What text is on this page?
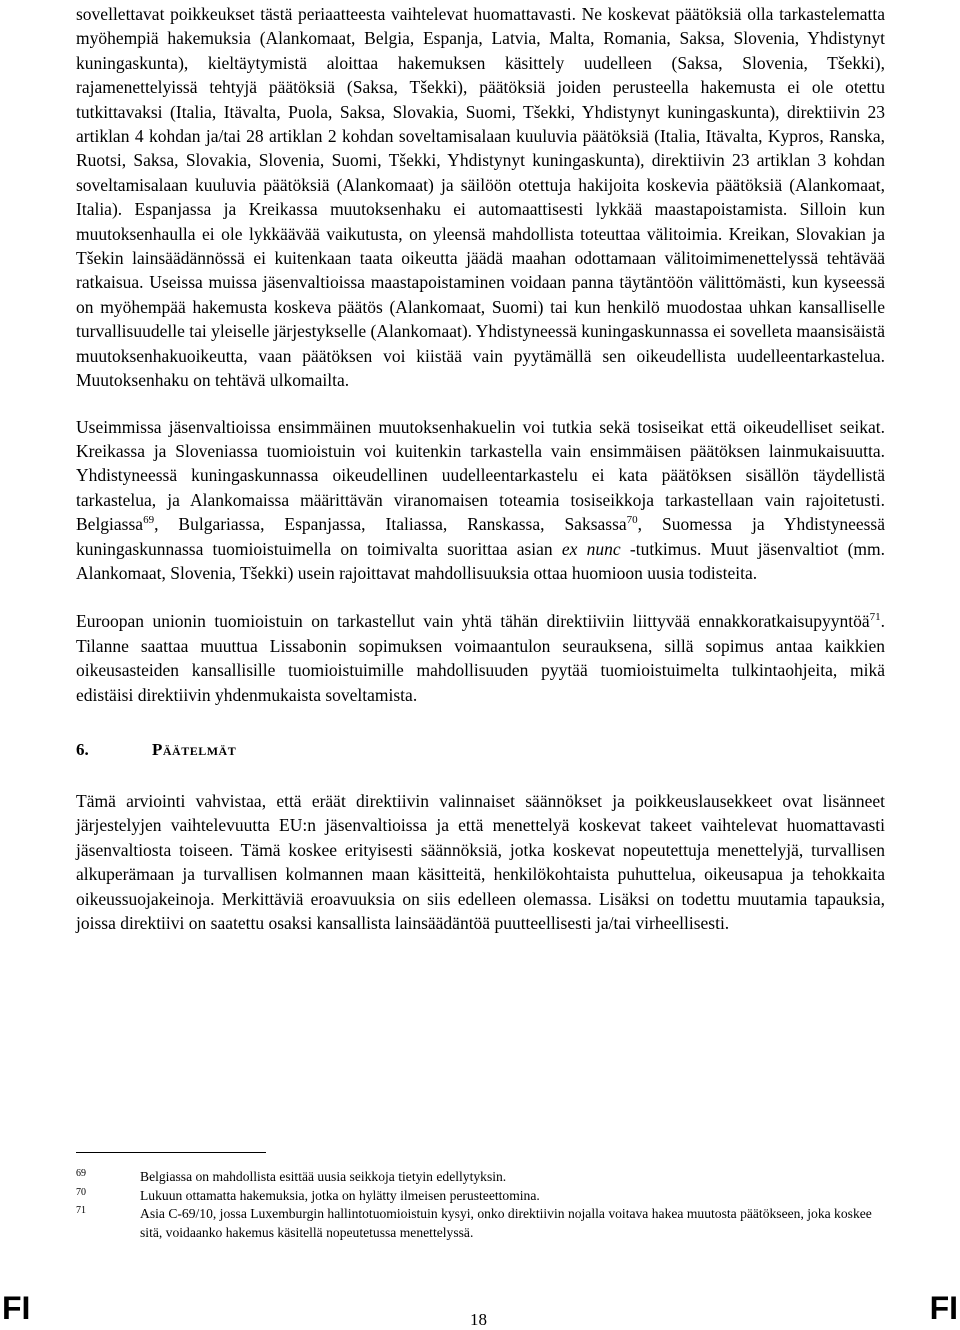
sovellettavat poikkeukset tästä periaatteesta vaihtelevat huomattavasti. Ne koskevat päätöksiä olla tarkastelematta myöhempiä hakemuksia (Alankomaat, Belgia, Espanja, Latvia, Malta, Romania, Saksa, Slovenia, Yhdistynyt kuningaskunta), kieltäytymistä aloittaa hakemuksen käsittely uudelleen (Saksa, Slovenia, Tšekki), rajamenettelyissä tehtyjä päätöksiä (Saksa, Tšekki), päätöksiä joiden perusteella hakemusta ei ole otettu tutkittavaksi (Italia, Itävalta, Puola, Saksa, Slovakia, Suomi, Tšekki, Yhdistynyt kuningaskunta), direktiivin 23 artiklan 4 kohdan ja/tai 28 artiklan 2 kohdan soveltamisalaan kuuluvia päätöksiä (Italia, Itävalta, Kypros, Ranska, Ruotsi, Saksa, Slovakia, Slovenia, Suomi, Tšekki, Yhdistynyt kuningaskunta), direktiivin 23 artiklan 3 kohdan soveltamisalaan kuuluvia päätöksiä (Alankomaat) ja säilöön otettuja hakijoita koskevia päätöksiä (Alankomaat, Italia). Espanjassa ja Kreikassa muutoksenhaku ei automaattisesti lykkää maastapoistamista. Silloin kun muutoksenhaulla ei ole lykkäävää vaikutusta, on yleensä mahdollista toteuttaa välitoimia. Kreikan, Slovakian ja Tšekin lainsäädännössä ei kuitenkaan taata oikeutta jäädä maahan odottamaan välitoimimenettelyssä tehtävää ratkaisua. Useissa muissa jäsenvaltioissa maastapoistaminen voidaan panna täytäntöön välittömästi, kun kyseessä on myöhempää hakemusta koskeva päätös (Alankomaat, Suomi) tai kun henkilö muodostaa uhkan kansalliselle turvallisuudelle tai yleiselle järjestykselle (Alankomaat). Yhdistyneessä kuningaskunnassa ei sovelleta maansisäistä muutoksenhakuoikeutta, vaan päätöksen voi kiistää vain pyytämällä sen oikeudellista uudelleentarkastelua. Muutoksenhaku on tehtävä ulkomailta.

Useimmissa jäsenvaltioissa ensimmäinen muutoksenhakuelin voi tutkia sekä tosiseikat että oikeudelliset seikat. Kreikassa ja Sloveniassa tuomioistuin voi kuitenkin tarkastella vain ensimmäisen päätöksen lainmukaisuutta. Yhdistyneessä kuningaskunnassa oikeudellinen uudelleentarkastelu ei kata päätöksen sisällön täydellistä tarkastelua, ja Alankomaissa määrittävän viranomaisen toteamia tosiseikkoja tarkastellaan vain rajoitetusti. Belgiassa$^{69}$, Bulgariassa, Espanjassa, Italiassa, Ranskassa, Saksassa$^{70}$, Suomessa ja Yhdistyneessä kuningaskunnassa tuomioistuimella on toimivalta suorittaa asian ex nunc -tutkimus. Muut jäsenvaltiot (mm. Alankomaat, Slovenia, Tšekki) usein rajoittavat mahdollisuuksia ottaa huomioon uusia todisteita.

Euroopan unionin tuomioistuin on tarkastellut vain yhtä tähän direktiiviin liittyvää ennakkoratkaisupyyntöä$^{71}$. Tilanne saattaa muuttua Lissabonin sopimuksen voimaantulon seurauksena, sillä sopimus antaa kaikkien oikeusasteiden kansallisille tuomioistuimille mahdollisuuden pyytää tuomioistuimelta tulkintaohjeita, mikä edistäisi direktiivin yhdenmukaista soveltamista.

6.	Päätelmät

Tämä arviointi vahvistaa, että eräät direktiivin valinnaiset säännökset ja poikkeuslausekkeet ovat lisänneet järjestelyjen vaihtelevuutta EU:n jäsenvaltioissa ja että menettelyä koskevat takeet vaihtelevat huomattavasti jäsenvaltiosta toiseen. Tämä koskee erityisesti säännöksiä, jotka koskevat nopeutettuja menettelyjä, turvallisen alkuperämaan ja turvallisen kolmannen maan käsitteitä, henkilökohtaista puhuttelua, oikeusapua ja tehokkaita oikeussuojakeinoja. Merkittäviä eroavuuksia on siis edelleen olemassa. Lisäksi on todettu muutamia tapauksia, joissa direktiivi on saatettu osaksi kansallista lainsäädäntöä puutteellisesti ja/tai virheellisesti.

69	Belgiassa on mahdollista esittää uusia seikkoja tietyin edellytyksin.
70	Lukuun ottamatta hakemuksia, jotka on hylätty ilmeisen perusteettomina.
71	Asia C-69/10, jossa Luxemburgin hallintotuomioistuin kysyi, onko direktiivin nojalla voitava hakea muutosta päätökseen, joka koskee sitä, voidaanko hakemus käsitellä nopeutetussa menettelyssä.
FI	18	FI
